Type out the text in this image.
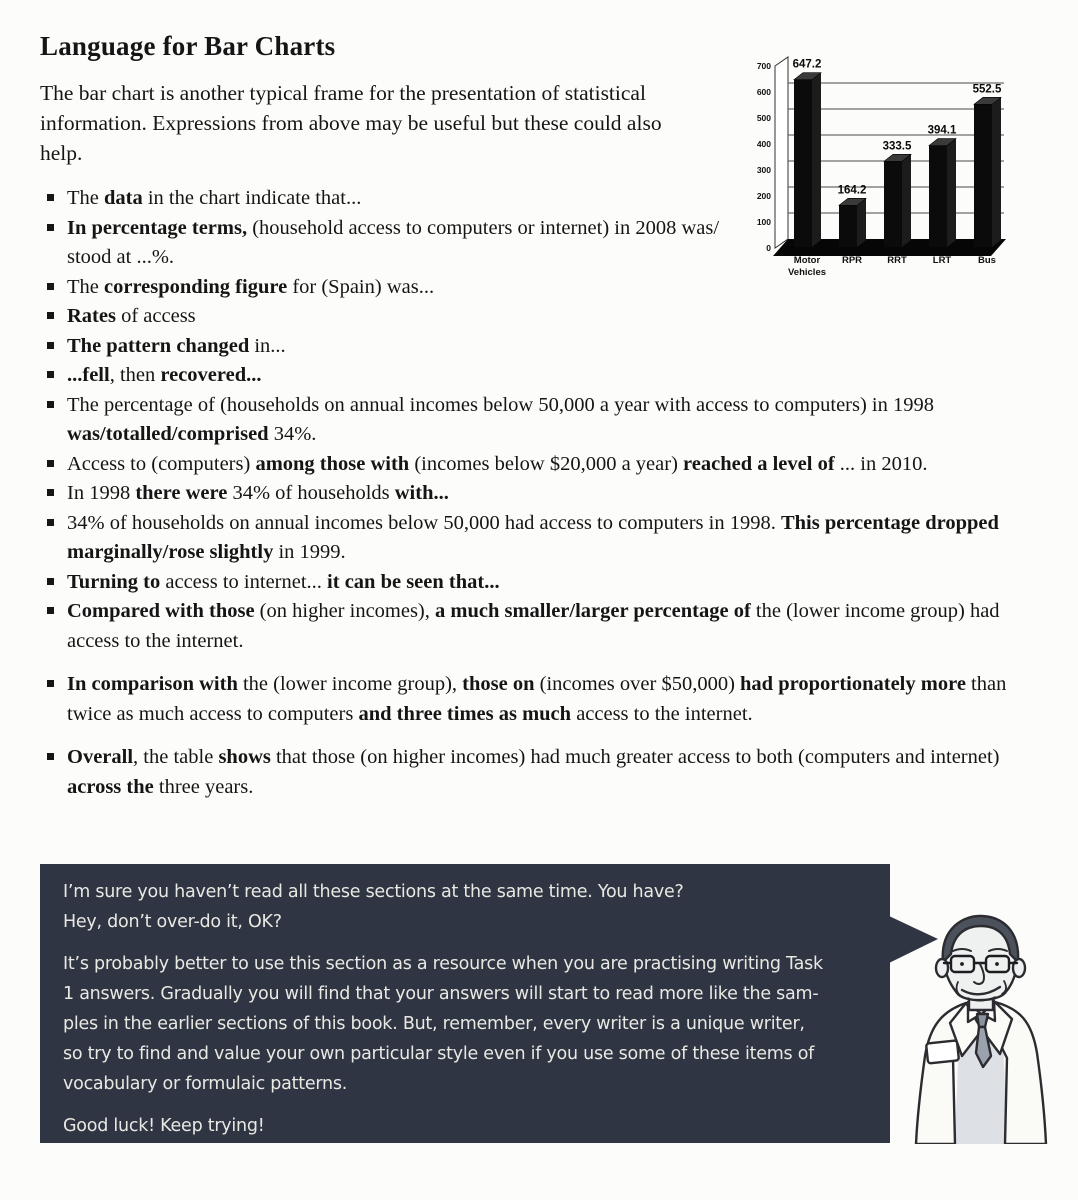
647.2
164.2
333.5
394.1
552.5
0
100
200
300
400
500
600
700
Motor
Vehicles
RPR	RRT	LRT	Bus
Language for Bar Charts

The bar chart is another typical frame for the presentation of statistical information. Expressions from above may be useful but these could also help.

The data in the chart indicate that...
In percentage terms, (household access to computers or internet) in 2008 was/ stood at ...%.
The corresponding figure for (Spain) was...
Rates of access
The pattern changed in...
...fell, then recovered...
The percentage of (households on annual incomes below 50,000 a year with access to computers) in 1998 was/totalled/comprised 34%.
Access to (computers) among those with (incomes below $20,000 a year) reached a level of ... in 2010.
In 1998 there were 34% of households with...
34% of households on annual incomes below 50,000 had access to computers in 1998. This percentage dropped marginally/rose slightly in 1999.
Turning to access to internet... it can be seen that...
Compared with those (on higher incomes), a much smaller/larger percentage of the (lower income group) had access to the internet.
In comparison with the (lower income group), those on (incomes over $50,000) had proportionately more than twice as much access to computers and three times as much access to the internet.
Overall, the table shows that those (on higher incomes) had much greater access to both (computers and internet) across the three years.
I’m sure you haven’t read all these sections at the same time. You have?
Hey, don’t over-do it, OK?
It’s probably better to use this section as a resource when you are practising writing Task
1 answers. Gradually you will find that your answers will start to read more like the sam-
ples in the earlier sections of this book. But, remember, every writer is a unique writer,
so try to find and value your own particular style even if you use some of these items of
vocabulary or formulaic patterns.
Good luck! Keep trying!
